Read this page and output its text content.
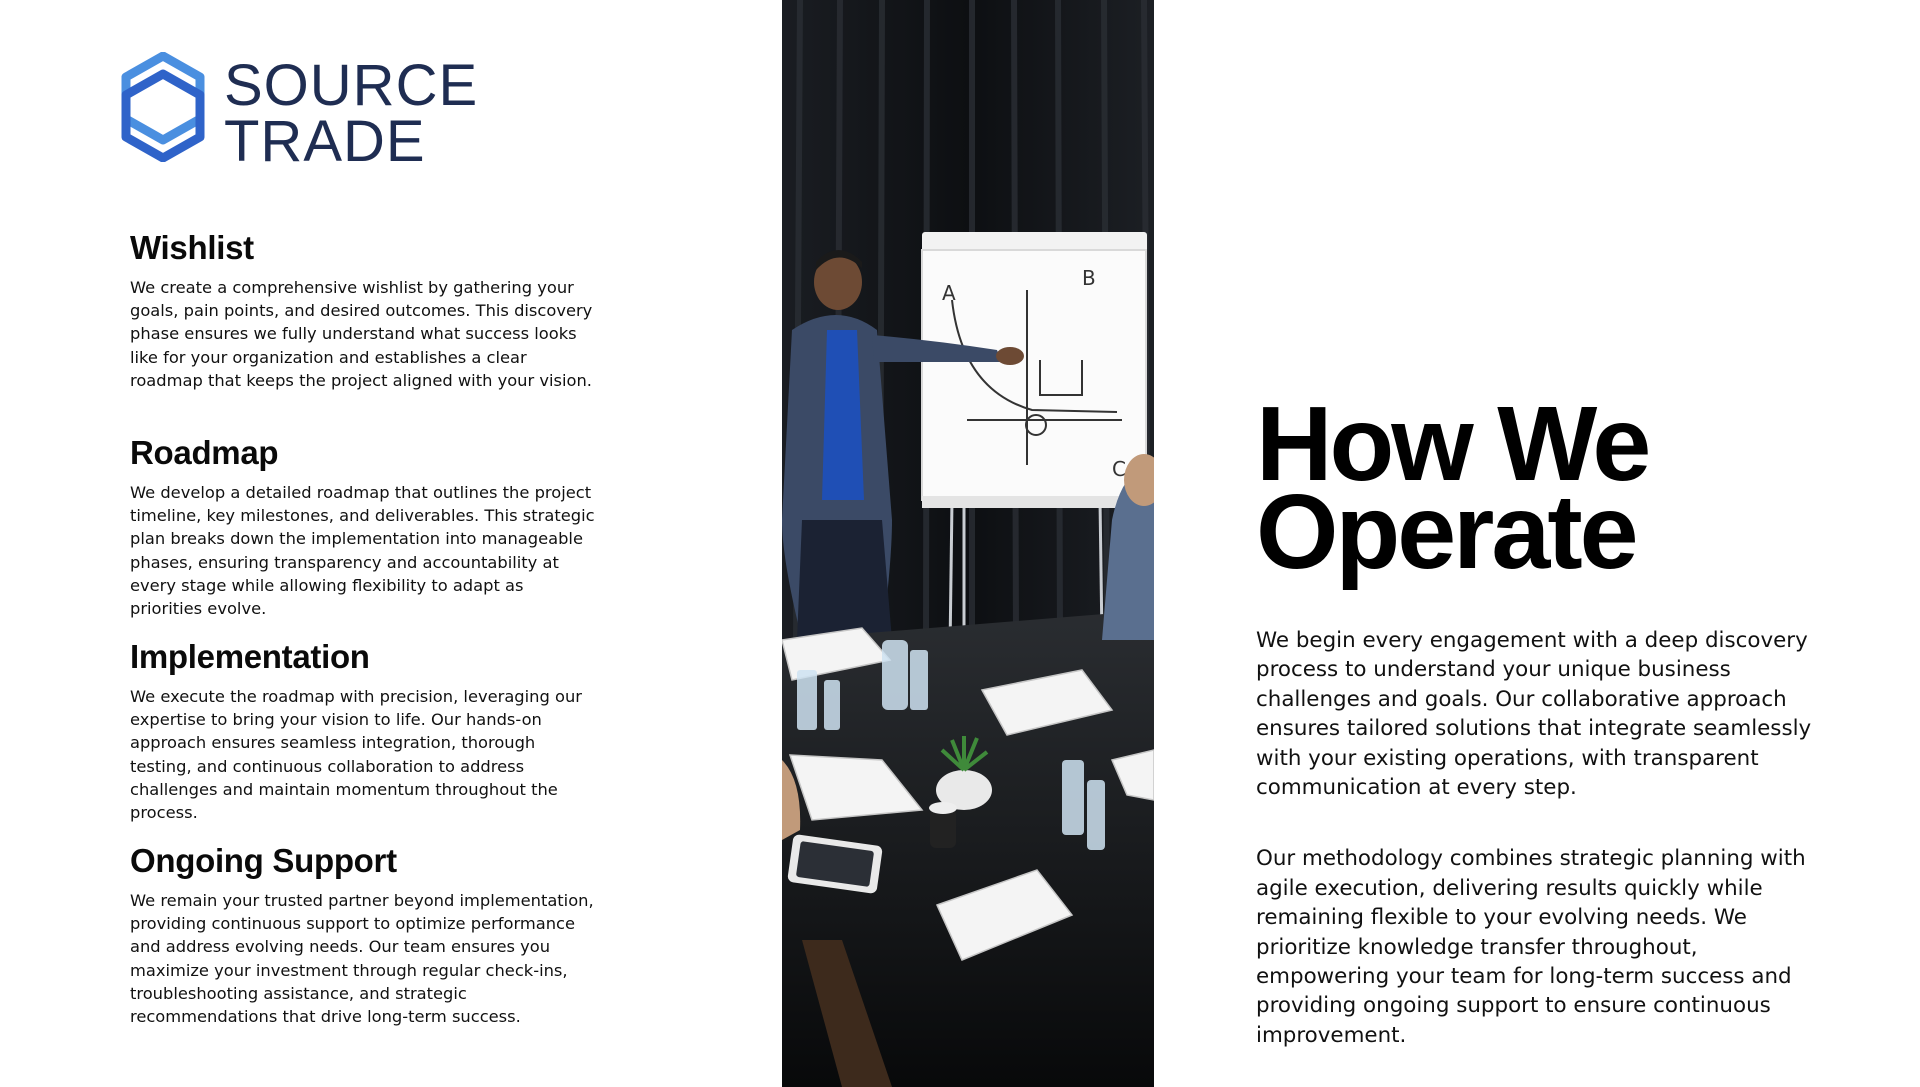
SOURCE
TRADE
Wishlist

We create a comprehensive wishlist by gathering your goals, pain points, and desired outcomes. This discovery phase ensures we fully understand what success looks like for your organization and establishes a clear roadmap that keeps the project aligned with your vision.

Roadmap

We develop a detailed roadmap that outlines the project timeline, key milestones, and deliverables. This strategic plan breaks down the implementation into manageable phases, ensuring transparency and accountability at every stage while allowing flexibility to adapt as priorities evolve.

Implementation

We execute the roadmap with precision, leveraging our expertise to bring your vision to life. Our hands-on approach ensures seamless integration, thorough testing, and continuous collaboration to address challenges and maintain momentum throughout the process.

Ongoing Support

We remain your trusted partner beyond implementation, providing continuous support to optimize performance and address evolving needs. Our team ensures you maximize your investment through regular check-ins, troubleshooting assistance, and strategic recommendations that drive long-term success.

A
B
C How We
Operate

We begin every engagement with a deep discovery process to understand your unique business challenges and goals. Our collaborative approach ensures tailored solutions that integrate seamlessly with your existing operations, with transparent communication at every step.

Our methodology combines strategic planning with agile execution, delivering results quickly while remaining flexible to your evolving needs. We prioritize knowledge transfer throughout, empowering your team for long-term success and providing ongoing support to ensure continuous improvement.
